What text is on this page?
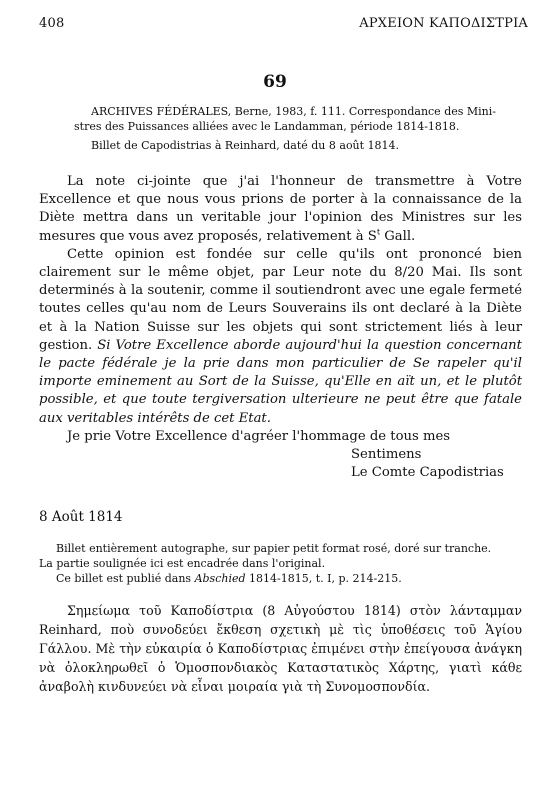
408	ΑΡΧΕΙΟΝ ΚΑΠΟΔΙΣΤΡΙΑ
69

ARCHIVES FÉDÉRALES, Berne, 1983, f. 111. Correspondance des Mini-

stres des Puissances alliées avec le Landamman, période 1814-1818.

Billet de Capodistrias à Reinhard, daté du 8 août 1814.

La note ci-jointe que j'ai l'honneur de transmettre à Votre Excellence et que nous vous prions de porter à la connaissance de la Diète mettra dans un veritable jour l'opinion des Ministres sur les mesures que vous avez proposés, relativement à $S^t$ Gall.

Cette opinion est fondée sur celle qu'ils ont prononcé bien clairement sur le même objet, par Leur note du 8/20 Mai. Ils sont determinés à la soutenir, comme il soutiendront avec une egale fermeté toutes celles qu'au nom de Leurs Souverains ils ont declaré à la Diète et à la Nation Suisse sur les objets qui sont strictement liés à leur gestion. Si Votre Excellence aborde aujourd'hui la question concernant le pacte fédérale je la prie dans mon particulier de Se rapeler qu'il importe eminement au Sort de la Suisse, qu'Elle en aït un, et le plutôt possible, et que toute tergiversation ulterieure ne peut être que fatale aux veritables intérêts de cet Etat.

Je prie Votre Excellence d'agréer l'hommage de tous mes

Sentimens

Le Comte Capodistrias

8 Août 1814

Billet entièrement autographe, sur papier petit format rosé, doré sur tranche.

La partie soulignée ici est encadrée dans l'original.

Ce billet est publié dans Abschied 1814-1815, t. I, p. 214-215.

Σημείωμα τοῦ Καποδίστρια (8 Αὐγούστου 1814) στὸν λάνταμμαν Reinhard, ποὺ συνοδεύει ἔκθεση σχετικὴ μὲ τὶς ὑποθέσεις τοῦ Ἁγίου Γάλλου. Μὲ τὴν εὐκαιρία ὁ Καποδίστριας ἐπιμένει στὴν ἐπείγουσα ἀνάγκη νὰ ὁλοκληρωθεῖ ὁ Ὁμοσπονδιακὸς Καταστατικὸς Χάρτης, γιατὶ κάθε ἀναβολὴ κινδυνεύει νὰ εἶναι μοιραία γιὰ τὴ Συνομοσπονδία.
